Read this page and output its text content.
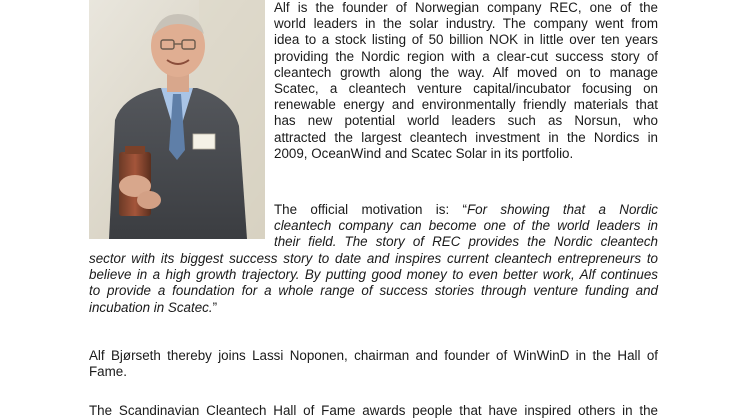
Alf is the founder of Norwegian company REC, one of the
world leaders in the solar industry. The company went from
idea to a stock listing of 50 billion NOK in little over ten years
providing the Nordic region with a clear-cut success story of
cleantech growth along the way. Alf moved on to manage
Scatec, a cleantech venture capital/incubator focusing on
renewable energy and environmentally friendly materials that
has new potential world leaders such as Norsun, who
attracted the largest cleantech investment in the Nordics in
2009, OceanWind and Scatec Solar in its portfolio.
The official motivation is: “For showing that a Nordic
cleantech company can become one of the world leaders in
their field. The story of REC provides the Nordic cleantech
sector with its biggest success story to date and inspires current cleantech entrepreneurs to
believe in a high growth trajectory. By putting good money to even better work, Alf continues
to provide a foundation for a whole range of success stories through venture funding and
incubation in Scatec.”
Alf Bjørseth thereby joins Lassi Noponen, chairman and founder of WinWinD in the Hall of
Fame.
The Scandinavian Cleantech Hall of Fame awards people that have inspired others in the
